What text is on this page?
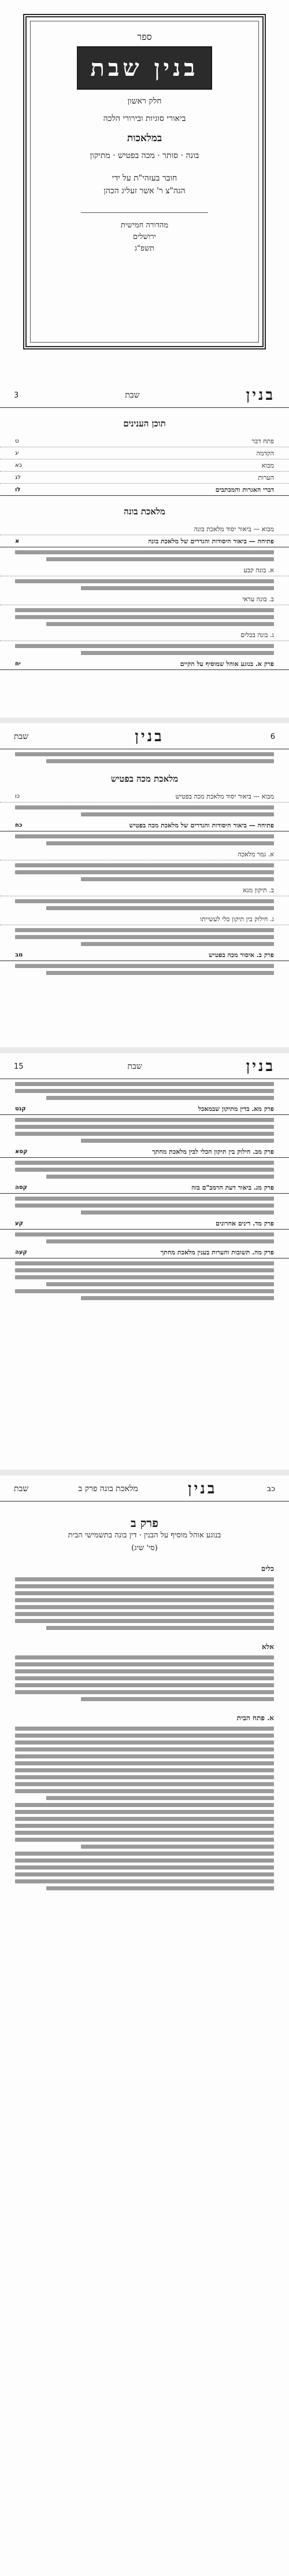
ספר
בנין שבת
חלק ראשון
ביאורי סוגיות ובירורי הלכה
במלאכות
בונה · סותר · מכה בפטיש · מתיקון
חובר בעזהי"ת על ידי
הגה"צ ר' אשר זעליג הכהן
מהדורה חמישית
ירושלים
תשפ"ג
בנין
שבת
3
תוכן הענינים
פתח דבר
ט
הקדמה
יג
מבוא
כא
הערות
לג
דברי האגרות והמכתבים
לו
מלאכת בונה
מבוא — ביאור יסוד מלאכת בונה
פתיחה — ביאור היסודות והגדרים של מלאכת בונה
א
א. בונה קבע
ב. בונה עראי
ג. בונה בכלים
פרק א. בנוגע אוהל שמוסיף על הקיים
יח
6
בנין
שבת
מלאכת מכה בפטיש
מבוא — ביאור יסוד מלאכת מכה בפטיש
כו
פתיחה — ביאור היסודות והגדרים של מלאכת מכה בפטיש
כח
א. גמר מלאכה
ב. תיקון מנא
ג. חילוק בין תיקון כלי לעשייתו
פרק ב. איסור מכה בפטיש
מב
בנין
שבת
15
פרק מא. בדין מתיקון שבמאכל
קנט
פרק מב. חילוק בין תיקון הכלי לבין מלאכת מחתך
קסא
פרק מג. ביאור דעת הרמב"ם בזה
קסה
פרק מד. דינים אחרונים
קע
פרק מה. תשובות והערות בענין מלאכת מחתך
קעה
כב
בנין
מלאכת בונה פרק ב
שבת
פרק ב
בנוגע אוהל מוסיף על הבנין · דין בונה בתשמישי הבית
(סי' שיג)
כלים
אלא
א. פתח הבית
